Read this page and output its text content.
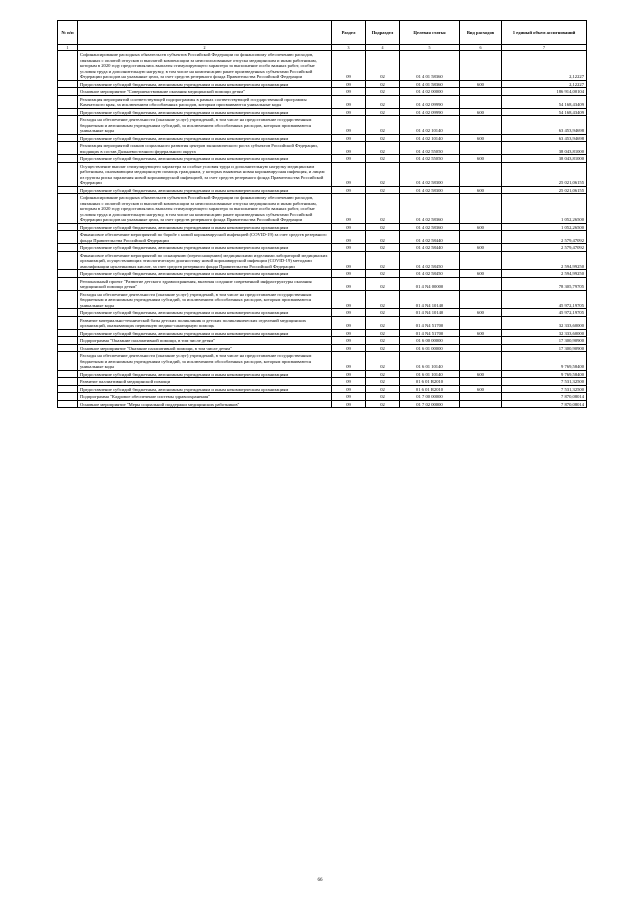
№ п/п		Раздел	Подраздел	Целевая статья	Вид расходов	1 единый объем ассигнований
1	2	3	4	5	6	7
	Софинансирование расходных обязательств субъектов Российской Федерации по финансовому обеспечению расходов, связанных с оплатой отпусков и выплатой компенсации за неиспользованные отпуска медицинским и иным работникам, которым в 2020 году предоставлялись выплаты стимулирующего характера за выполнение особо важных работ, особые условия труда и дополнительную нагрузку, в том числе на компенсацию ранее произведенных субъектами Российской Федерации расходов на указанные цели, за счет средств резервного фонда Правительства Российской Федерации	09	02	01 4 01 58360		2,12227
	Предоставление субсидий бюджетным, автономным учреждениям и иным некоммерческим организациям	09	02	01 4 01 58360	600	2,12227
	Основное мероприятие "Совершенствование оказания медицинской помощи детям"	09	02	01 4 02 00000		186 914,00104
	Реализация мероприятий соответствующей подпрограммы в рамках соответствующей государственной программы Камчатского края, за исключением обособленных расходов, которым присваиваются уникальные коды	09	02	01 4 02 09990		54 168,43409
	Предоставление субсидий бюджетным, автономным учреждениям и иным некоммерческим организациям	09	02	01 4 02 09990	600	54 168,43409
	Расходы на обеспечение деятельности (оказание услуг) учреждений, в том числе на предоставление государственным бюджетным и автономным учреждениям субсидий, за исключением обособленных расходов, которым присваиваются уникальные коды	09	02	01 4 02 10140		63 453,94698
	Предоставление субсидий бюджетным, автономным учреждениям и иным некоммерческим организациям	09	02	01 4 02 10140	600	63 453,94698
	Реализация мероприятий планов социального развития центров экономического роста субъектов Российской Федерации, входящих в состав Дальневосточного федерального округа	09	02	01 4 02 55050		38 043,81000
	Предоставление субсидий бюджетным, автономным учреждениям и иным некоммерческим организациям	09	02	01 4 02 55050	600	38 043,81000
	Осуществление выплат стимулирующего характера за особые условия труда и дополнительную нагрузку медицинским работникам, оказывающим медицинскую помощь гражданам, у которых выявлена новая коронавирусная инфекция, и лицам из группы риска заражения новой коронавирусной инфекцией, за счет средств резервного фонда Правительства Российской Федерации	09	02	01 4 02 58300		25 021,06155
	Предоставление субсидий бюджетным, автономным учреждениям и иным некоммерческим организациям	09	02	01 4 02 58300	600	25 021,06155
	Софинансирование расходных обязательств субъектов Российской Федерации по финансовому обеспечению расходов, связанных с оплатой отпусков и выплатой компенсации за неиспользованные отпуска медицинским и иным работникам, которым в 2020 году предоставлялись выплаты стимулирующего характера за выполнение особо важных работ, особые условия труда и дополнительную нагрузку, в том числе на компенсацию ранее произведенных субъектами Российской Федерации расходов на указанные цели, за счет средств резервного фонда Правительства Российской Федерации	09	02	01 4 02 58360		1 052,26500
	Предоставление субсидий бюджетным, автономным учреждениям и иным некоммерческим организациям	09	02	01 4 02 58360	600	1 052,26500
	Финансовое обеспечение мероприятий по борьбе с новой коронавирусной инфекцией (COVID-19) за счет средств резервного фонда Правительства Российской Федерации	09	02	01 4 02 58440		2 579,47092
	Предоставление субсидий бюджетным, автономным учреждениям и иным некоммерческим организациям	09	02	01 4 02 58440	600	2 579,47092
	Финансовое обеспечение мероприятий по оснащению (переоснащению) медицинскими изделиями лабораторий медицинских организаций, осуществляющих этиологическую диагностику новой коронавирусной инфекции (COVID-19) методами амплификации нуклеиновых кислот, за счет средств резервного фонда Правительства Российской Федерации	09	02	01 4 02 58450		2 594,99250
	Предоставление субсидий бюджетным, автономным учреждениям и иным некоммерческим организациям	09	02	01 4 02 58450	600	2 594,99250
	Региональный проект "Развитие детского здравоохранения, включая создание современной инфраструктуры оказания медицинской помощи детям"	09	02	01 4 N4 00000		78 305,79705
	Расходы на обеспечение деятельности (оказание услуг) учреждений, в том числе на предоставление государственным бюджетным и автономным учреждениям субсидий, за исключением обособленных расходов, которым присваиваются уникальные коды	09	02	01 4 N4 10140		45 972,19705
	Предоставление субсидий бюджетным, автономным учреждениям и иным некоммерческим организациям	09	02	01 4 N4 10140	600	45 972,19705
	Развитие материально-технической базы детских поликлиник и детских поликлинических отделений медицинских организаций, оказывающих первичную медико-санитарную помощь	09	02	01 4 N4 51700		32 333,60000
	Предоставление субсидий бюджетным, автономным учреждениям и иным некоммерческим организациям	09	02	01 4 N4 51700	600	32 333,60000
	Подпрограмма "Оказание паллиативной помощи, в том числе детям"	09	02	01 6 00 00000		17 300,90900
	Основное мероприятие "Оказание паллиативной помощи, в том числе детям"	09	02	01 6 01 00000		17 300,90900
	Расходы на обеспечение деятельности (оказание услуг) учреждений, в том числе на предоставление государственным бюджетным и автономным учреждениям субсидий, за исключением обособленных расходов, которым присваиваются уникальные коды	09	02	01 6 01 10140		9 769,58400
	Предоставление субсидий бюджетным, автономным учреждениям и иным некоммерческим организациям	09	02	01 6 01 10140	600	9 769,58400
	Развитие паллиативной медицинской помощи	09	02	01 6 01 R2010		7 531,32500
	Предоставление субсидий бюджетным, автономным учреждениям и иным некоммерческим организациям	09	02	01 6 01 R2010	600	7 531,32500
	Подпрограмма "Кадровое обеспечение системы здравоохранения"	09	02	01 7 00 00000		7 870,08014
	Основное мероприятие "Меры социальной поддержки медицинских работников"	09	02	01 7 02 00000		7 870,08014
66
